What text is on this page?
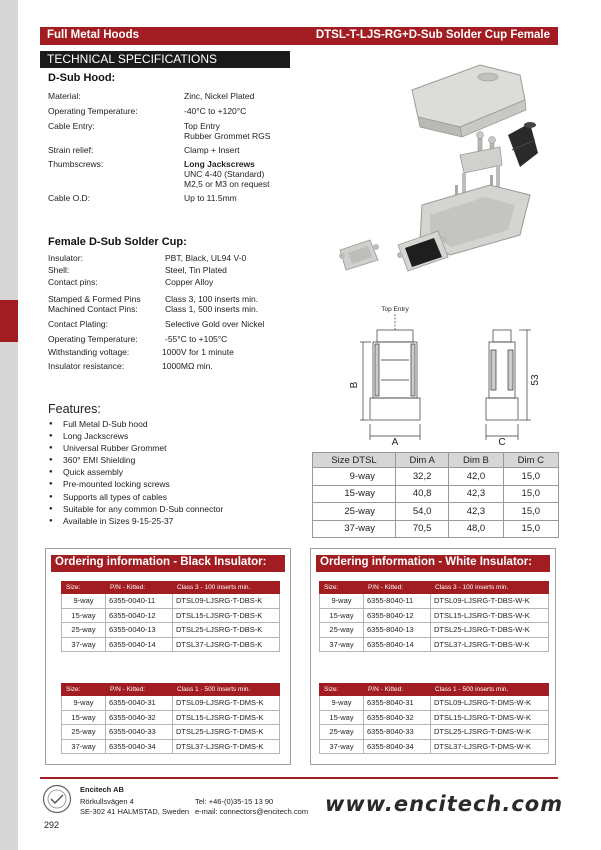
Full Metal Hoods	DTSL-T-LJS-RG+D-Sub Solder Cup Female
TECHNICAL SPECIFICATIONS
D-Sub Hood:
Material:	Zinc, Nickel Plated
Operating Temperature:	-40°C to +120°C
Cable Entry:	Top Entry
Rubber Grommet RGS
Strain relief:	Clamp + Insert
Thumbscrews:	Long Jackscrews
UNC 4-40 (Standard)
M2,5 or M3 on request
Cable O.D:	Up to 11.5mm
Female D-Sub Solder Cup:
Insulator:	PBT, Black, UL94 V-0
Shell:	Steel, Tin Plated
Contact pins:	Copper Alloy
Stamped & Formed Pins	Class 3, 100 inserts min.
Machined Contact Pins:	Class 1, 500 inserts min.
Contact Plating:	Selective Gold over Nickel
Operating Temperature:	-55°C to +105°C
Withstanding voltage:	1000V for 1 minute
Insulator resistance:	1000MΩ min.
Features:
● Full Metal D-Sub hood
● Long Jackscrews
● Universal Rubber Grommet
● 360° EMI Shielding
● Quick assembly
● Pre-mounted locking screws
● Supports all types of cables
● Suitable for any common D-Sub connector
● Available in Sizes 9-15-25-37
Top Entry
A
B
C
53
Size DTSL	Dim A	Dim B	Dim C
9-way	32,2	42,0	15,0
15-way	40,8	42,3	15,0
25-way	54,0	42,3	15,0
37-way	70,5	48,0	15,0
Ordering information - Black Insulator:
Size:	P/N - Kitted:	Class 3 - 100 inserts min.
9-way	6355-0040-11	DTSL09-LJSRG-T-DBS-K
15-way	6355-0040-12	DTSL15-LJSRG-T-DBS-K
25-way	6355-0040-13	DTSL25-LJSRG-T-DBS-K
37-way	6355-0040-14	DTSL37-LJSRG-T-DBS-K
Size:	P/N - Kitted:	Class 1 - 500 inserts min.
9-way	6355-0040-31	DTSL09-LJSRG-T-DMS-K
15-way	6355-0040-32	DTSL15-LJSRG-T-DMS-K
25-way	6355-0040-33	DTSL25-LJSRG-T-DMS-K
37-way	6355-0040-34	DTSL37-LJSRG-T-DMS-K
Ordering information - White Insulator:
Size:	P/N - Kitted:	Class 3 - 100 inserts min.
9-way	6355-8040-11	DTSL09-LJSRG-T-DBS-W-K
15-way	6355-8040-12	DTSL15-LJSRG-T-DBS-W-K
25-way	6355-8040-13	DTSL25-LJSRG-T-DBS-W-K
37-way	6355-8040-14	DTSL37-LJSRG-T-DBS-W-K
Size:	P/N - Kitted:	Class 1 - 500 inserts min.
9-way	6355-8040-31	DTSL09-LJSRG-T-DMS-W-K
15-way	6355-8040-32	DTSL15-LJSRG-T-DMS-W-K
25-way	6355-8040-33	DTSL25-LJSRG-T-DMS-W-K
37-way	6355-8040-34	DTSL37-LJSRG-T-DMS-W-K
Encitech AB
Rörkullsvägen 4
SE-302 41 HALMSTAD, Sweden
Tel: +46-(0)35-15 13 90
e-mail: connectors@encitech.com www.encitech.com
292
